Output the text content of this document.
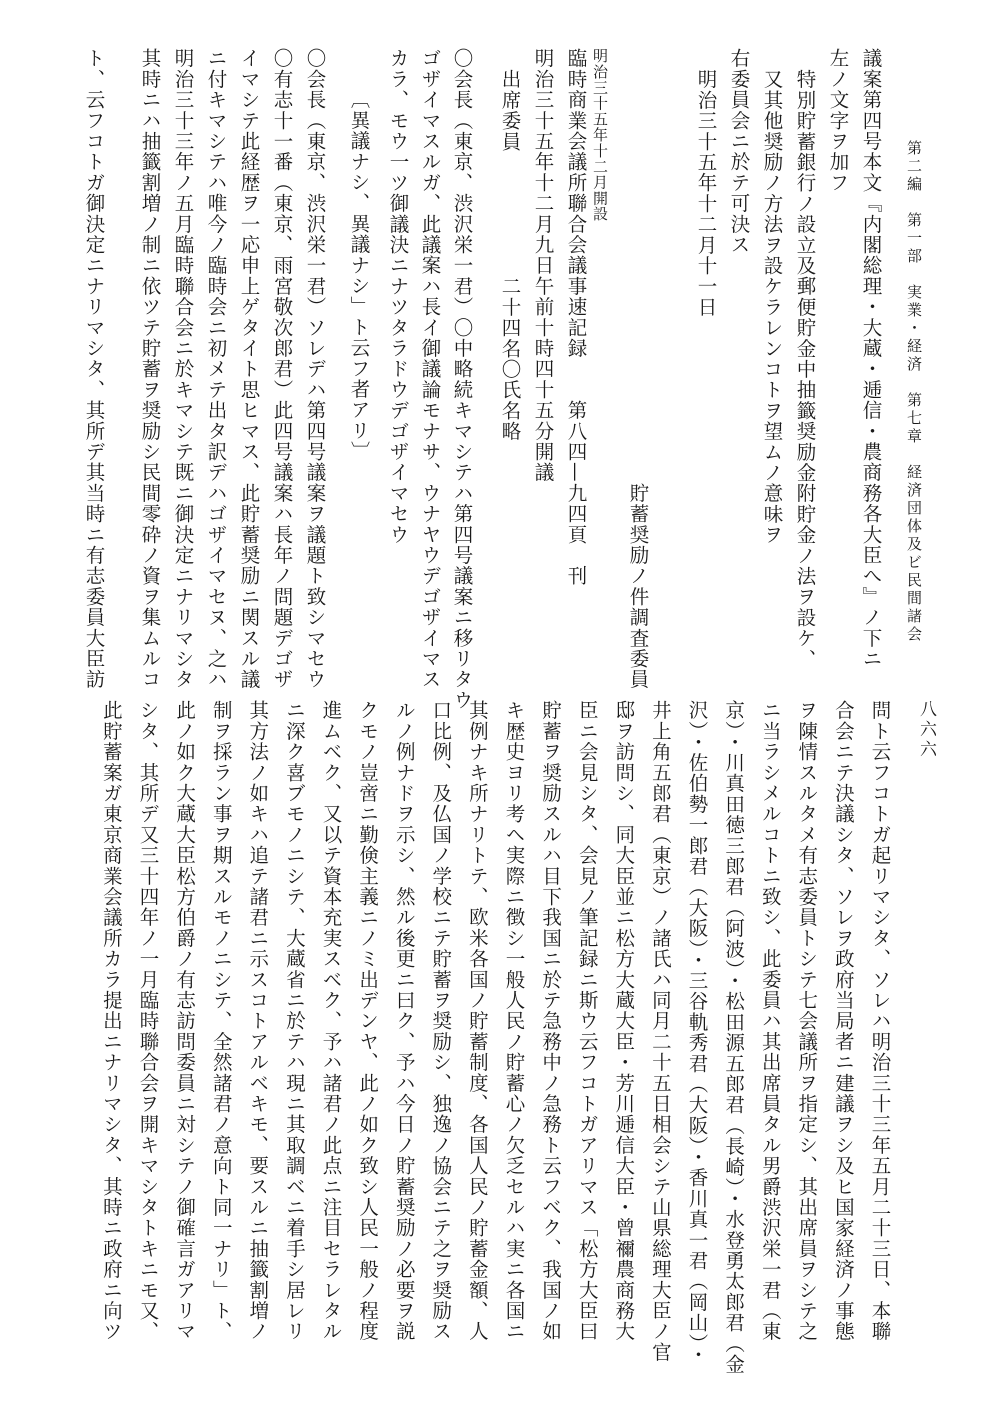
第二編　第一部　実業・経済　第七章　経済団体及ビ民間諸会
八六六
議案第四号本文『内閣総理・大蔵・逓信・農商務各大臣へ』ノ下ニ
左ノ文字ヲ加フ
特別貯蓄銀行ノ設立及郵便貯金中抽籤奨励金附貯金ノ法ヲ設ケ、
又其他奨励ノ方法ヲ設ケラレンコトヲ望ムノ意味ヲ
右委員会ニ於テ可決ス
明治三十五年十二月十一日
　　　　　　　　　　　　　　　　　　　　　貯蓄奨励ノ件調査委員
明治三十五年十二月開設
臨時商業会議所聯合会議事速記録　　第八四—九四頁　刊
明治三十五年十二月九日午前十時四十五分開議
出席委員　　　　　　二十四名〇氏名略
〇会長（東京、渋沢栄一君）〇中略続キマシテハ第四号議案ニ移リタウ
ゴザイマスルガ、此議案ハ長イ御議論モナサ、ウナヤウデゴザイマス
カラ、モウ一ツ御議決ニナツタラドウデゴザイマセウ
〔異議ナシ、異議ナシ」ト云フ者アリ〕
〇会長（東京、渋沢栄一君）ソレデハ第四号議案ヲ議題ト致シマセウ
〇有志十一番（東京、雨宮敬次郎君）此四号議案ハ長年ノ問題デゴザ
イマシテ此経歴ヲ一応申上ゲタイト思ヒマス、此貯蓄奨励ニ関スル議
ニ付キマシテハ唯今ノ臨時会ニ初メテ出タ訳デハゴザイマセヌ、之ハ
明治三十三年ノ五月臨時聯合会ニ於キマシテ既ニ御決定ニナリマシタ
其時ニハ抽籤割増ノ制ニ依ツテ貯蓄ヲ奨励シ民間零砕ノ資ヲ集ムルコ
ト、云フコトガ御決定ニナリマシタ、其所デ其当時ニ有志委員大臣訪
問ト云フコトガ起リマシタ、ソレハ明治三十三年五月二十三日、本聯
合会ニテ決議シタ、ソレヲ政府当局者ニ建議ヲシ及ヒ国家経済ノ事態
ヲ陳情スルタメ有志委員トシテ七会議所ヲ指定シ、其出席員ヲシテ之
ニ当ラシメルコトニ致シ、此委員ハ其出席員タル男爵渋沢栄一君（東
京）・川真田徳三郎君（阿波）・松田源五郎君（長崎）・水登勇太郎君（金
沢）・佐伯勢一郎君（大阪）・三谷軌秀君（大阪）・香川真一君（岡山）・
井上角五郎君（東京）ノ諸氏ハ同月二十五日相会シテ山県総理大臣ノ官
邸ヲ訪問シ、同大臣並ニ松方大蔵大臣・芳川逓信大臣・曾禰農商務大
臣ニ会見シタ、会見ノ筆記録ニ斯ウ云フコトガアリマス「松方大臣曰
貯蓄ヲ奨励スルハ目下我国ニ於テ急務中ノ急務ト云フベク、我国ノ如
キ歴史ヨリ考ヘ実際ニ徴シ一般人民ノ貯蓄心ノ欠乏セルハ実ニ各国ニ
其例ナキ所ナリトテ、欧米各国ノ貯蓄制度、各国人民ノ貯蓄金額、人
口比例、及仏国ノ学校ニテ貯蓄ヲ奨励シ、独逸ノ協会ニテ之ヲ奨励ス
ルノ例ナドヲ示シ、然ル後更ニ曰ク、予ハ今日ノ貯蓄奨励ノ必要ヲ説
クモノ豈啻ニ勤倹主義ニノミ出デンヤ、此ノ如ク致シ人民一般ノ程度
進ムベク、又以テ資本充実スベク、予ハ諸君ノ此点ニ注目セラレタル
ニ深ク喜ブモノニシテ、大蔵省ニ於テハ現ニ其取調ベニ着手シ居レリ
其方法ノ如キハ追テ諸君ニ示スコトアルベキモ、要スルニ抽籤割増ノ
制ヲ採ラン事ヲ期スルモノニシテ、全然諸君ノ意向ト同一ナリ」ト、
此ノ如ク大蔵大臣松方伯爵ノ有志訪問委員ニ対シテノ御確言ガアリマ
シタ、其所デ又三十四年ノ一月臨時聯合会ヲ開キマシタトキニモ又、
此貯蓄案ガ東京商業会議所カラ提出ニナリマシタ、其時ニ政府ニ向ツ
